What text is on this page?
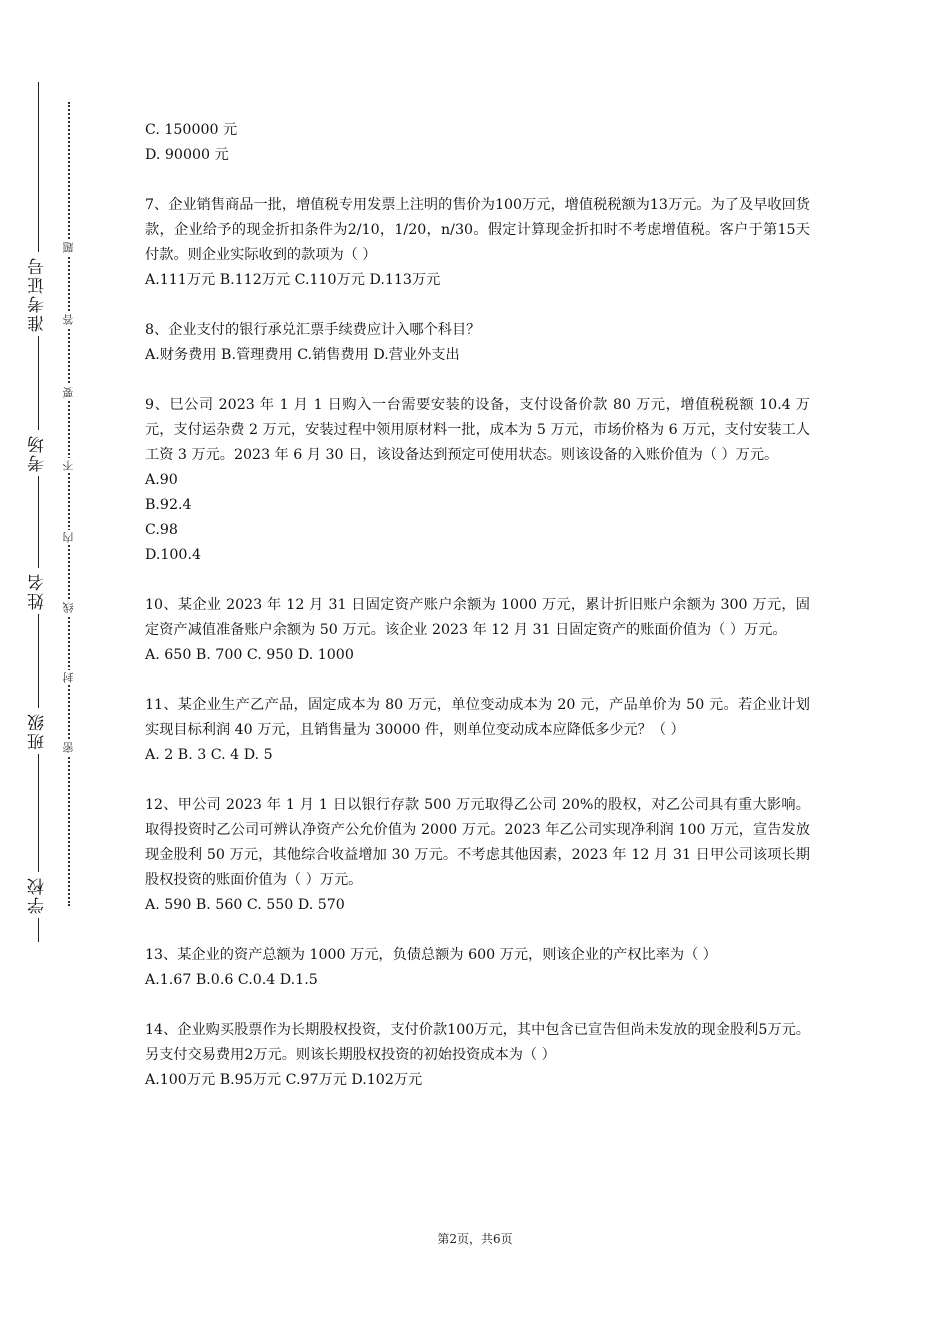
学校
班级
姓名
考场
准考证号
密
封
线
内
不
要
答
题

C. 150000 元

D. 90000 元

7、企业销售商品一批，增值税专用发票上注明的售价为100万元，增值税税额为13万元。为了及早收回货款，企业给予的现金折扣条件为2/10，1/20，n/30。假定计算现金折扣时不考虑增值税。客户于第15天付款。则企业实际收到的款项为（ ）

A.111万元 B.112万元 C.110万元 D.113万元

8、企业支付的银行承兑汇票手续费应计入哪个科目？

A.财务费用 B.管理费用 C.销售费用 D.营业外支出

9、巳公司 2023 年 1 月 1 日购入一台需要安装的设备，支付设备价款 80 万元，增值税税额 10.4 万元，支付运杂费 2 万元，安装过程中领用原材料一批，成本为 5 万元，市场价格为 6 万元，支付安装工人工资 3 万元。2023 年 6 月 30 日，该设备达到预定可使用状态。则该设备的入账价值为（ ）万元。

A.90

B.92.4

C.98

D.100.4

10、某企业 2023 年 12 月 31 日固定资产账户余额为 1000 万元，累计折旧账户余额为 300 万元，固定资产减值准备账户余额为 50 万元。该企业 2023 年 12 月 31 日固定资产的账面价值为（ ）万元。

A. 650 B. 700 C. 950 D. 1000

11、某企业生产乙产品，固定成本为 80 万元，单位变动成本为 20 元，产品单价为 50 元。若企业计划实现目标利润 40 万元，且销售量为 30000 件，则单位变动成本应降低多少元？（ ）

A. 2 B. 3 C. 4 D. 5

12、甲公司 2023 年 1 月 1 日以银行存款 500 万元取得乙公司 20%的股权，对乙公司具有重大影响。取得投资时乙公司可辨认净资产公允价值为 2000 万元。2023 年乙公司实现净利润 100 万元，宣告发放现金股利 50 万元，其他综合收益增加 30 万元。不考虑其他因素，2023 年 12 月 31 日甲公司该项长期股权投资的账面价值为（ ）万元。

A. 590 B. 560 C. 550 D. 570

13、某企业的资产总额为 1000 万元，负债总额为 600 万元，则该企业的产权比率为（ ）

A.1.67 B.0.6 C.0.4 D.1.5

14、企业购买股票作为长期股权投资，支付价款100万元，其中包含已宣告但尚未发放的现金股利5万元。另支付交易费用2万元。则该长期股权投资的初始投资成本为（ ）

A.100万元 B.95万元 C.97万元 D.102万元

第2页，共6页
